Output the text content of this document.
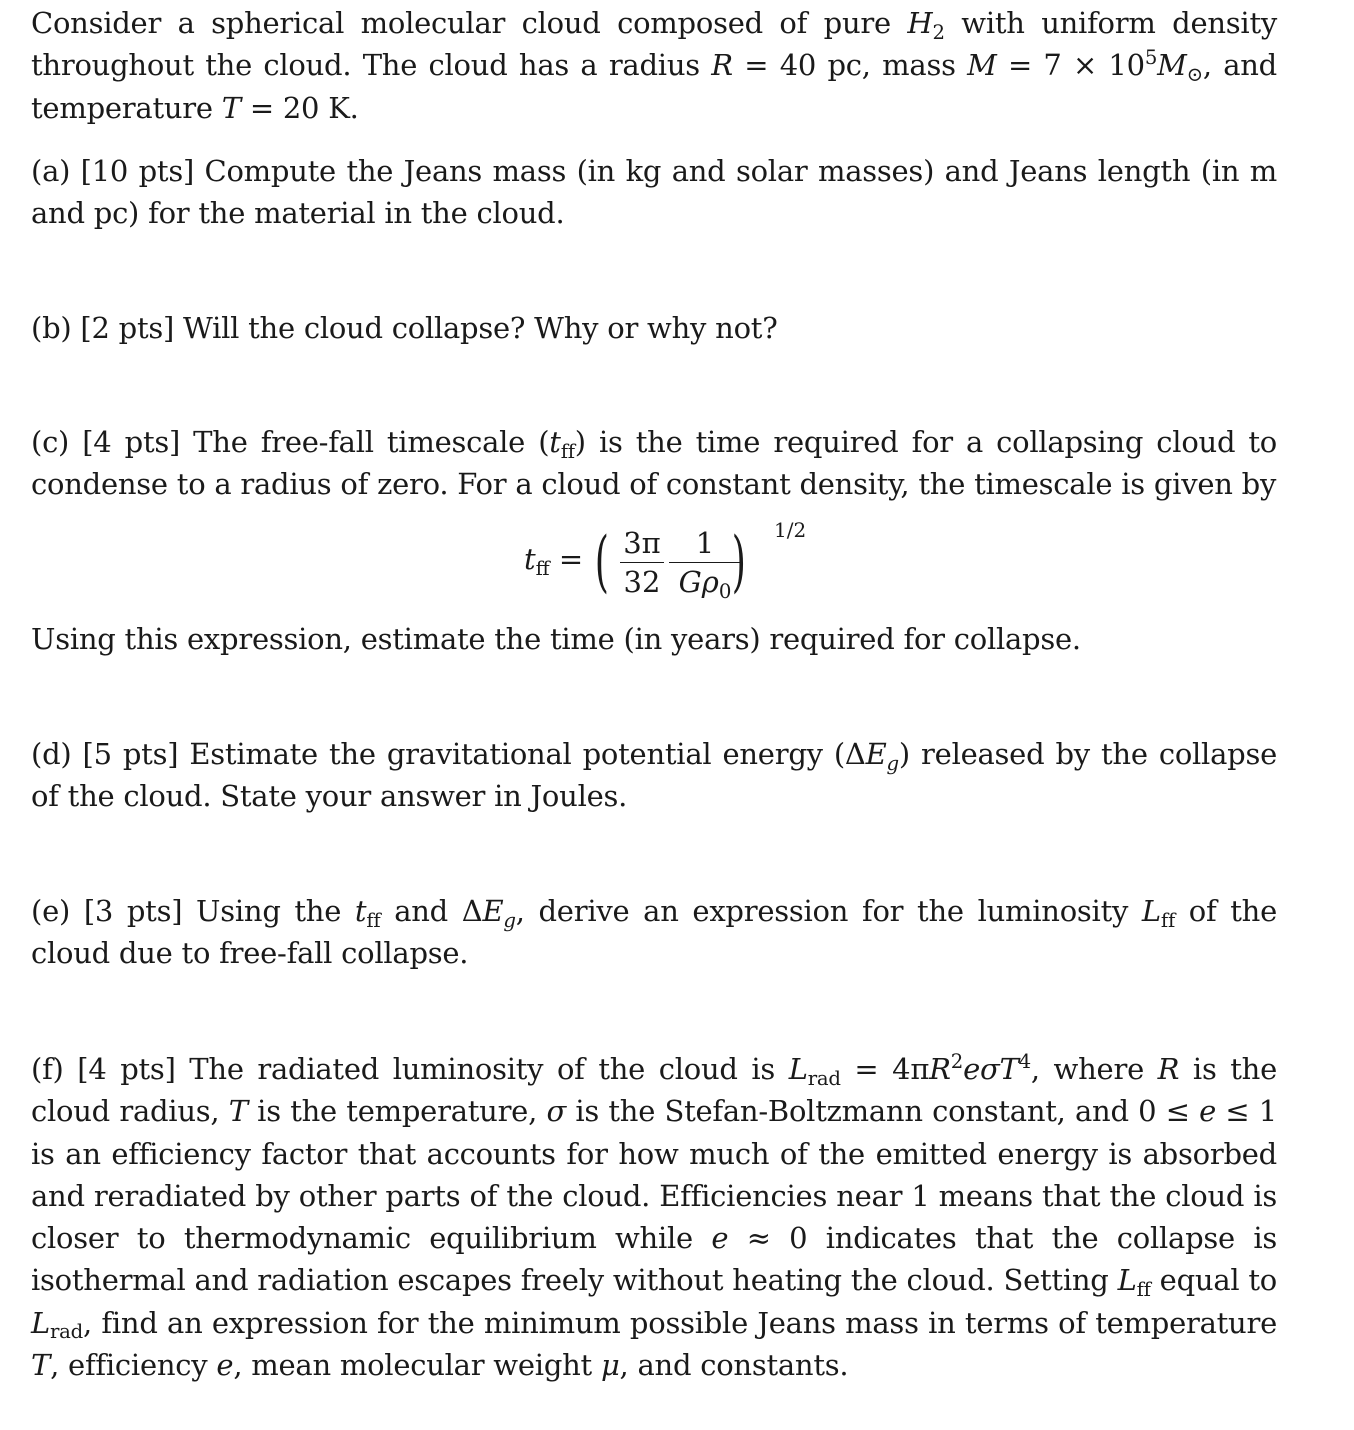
Consider a spherical molecular cloud composed of pure $H_2$ with uniform density throughout the cloud. The cloud has a radius R = 40 pc, mass $M = 7 \times 10^5M_⊙$, and temperature T = 20 K.
(a) [10 pts] Compute the Jeans mass (in kg and solar masses) and Jeans length (in m and pc) for the material in the cloud.
(b) [2 pts] Will the cloud collapse? Why or why not?
(c) [4 pts] The free-fall timescale $(t_{ff})$ is the time required for a collapsing cloud to condense to a radius of zero. For a cloud of constant density, the timescale is given by
$t_{ff}$ = ( 3π
32
1
$G\rho_0$ ) 1/2
Using this expression, estimate the time (in years) required for collapse.
(d) [5 pts] Estimate the gravitational potential energy $(\Delta E_g)$ released by the collapse of the cloud. State your answer in Joules.
(e) [3 pts] Using the $t_{ff}$ and $\Delta E_g$, derive an expression for the luminosity $L_{ff}$ of the cloud due to free-fall collapse.
(f) [4 pts] The radiated luminosity of the cloud is $L_{rad} = 4\pi R^2e\sigma T^4$, where R is the cloud radius, T is the temperature, σ is the Stefan-Boltzmann constant, and 0 ≤ e ≤ 1 is an efficiency factor that accounts for how much of the emitted energy is absorbed and reradiated by other parts of the cloud. Efficiencies near 1 means that the cloud is closer to thermodynamic equilibrium while e ≈ 0 indicates that the collapse is isothermal and radiation escapes freely without heating the cloud. Setting $L_{ff}$ equal to $L_{rad}$, find an expression for the minimum possible Jeans mass in terms of temperature T, efficiency e, mean molecular weight μ, and constants.
